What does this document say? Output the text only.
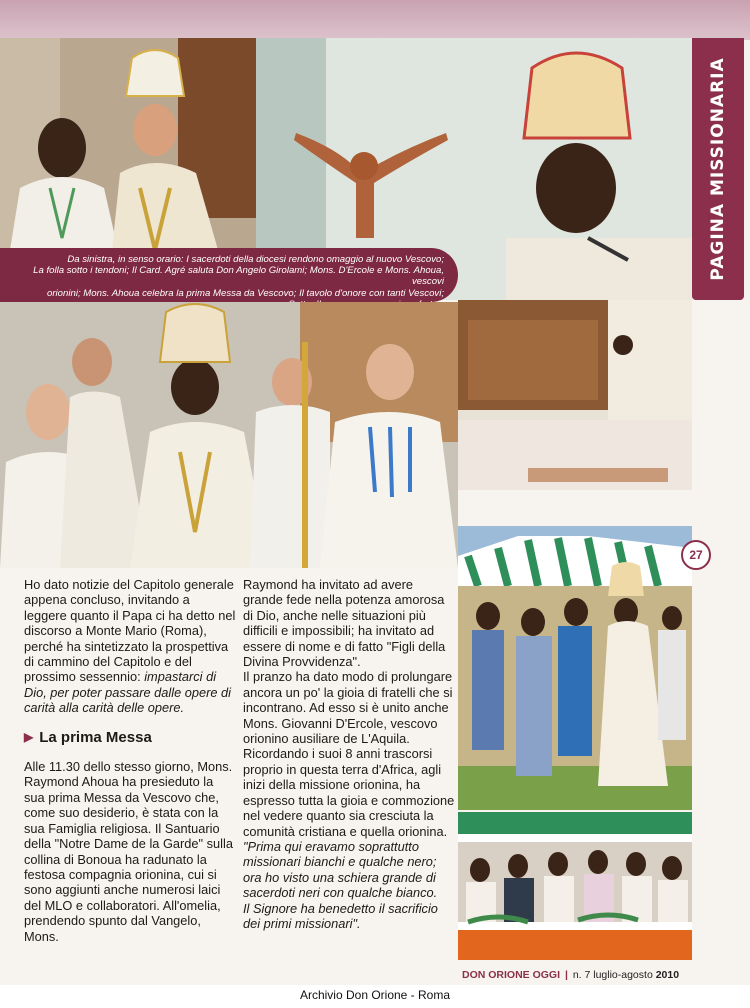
PAGINA MISSIONARIA

Da sinistra, in senso orario: I sacerdoti della diocesi rendono omaggio al nuovo Vescovo;
La folla sotto i tendoni; Il Card. Agré saluta Don Angelo Girolami; Mons. D'Ercole e Mons. Ahoua, vescovi
orionini; Mons. Ahoua celebra la prima Messa da Vescovo; Il tavolo d'onore con tanti Vescovi;

Ho dato notizie del Capitolo generale appena concluso, invitando a leggere quanto il Papa ci ha detto nel discorso a Monte Mario (Roma), perché ha sintetizzato la prospettiva di cammino del Capitolo e del prossimo sessennio: impastarci di Dio, per poter passare dalle opere di carità alla carità delle opere.

▶ La prima Messa

Alle 11.30 dello stesso giorno, Mons. Raymond Ahoua ha presieduto la sua prima Messa da Vescovo che, come suo desiderio, è stata con la sua Famiglia religiosa. Il Santuario della "Notre Dame de la Garde" sulla collina di Bonoua ha radunato la festosa compagnia orionina, cui si sono aggiunti anche numerosi laici del MLO e collaboratori. All'omelia, prendendo spunto dal Vangelo, Mons.

Raymond ha invitato ad avere grande fede nella potenza amorosa di Dio, anche nelle situazioni più difficili e impossibili; ha invitato ad essere di nome e di fatto "Figli della Divina Provvidenza".

Il pranzo ha dato modo di prolungare ancora un po' la gioia di fratelli che si incontrano. Ad esso si è unito anche Mons. Giovanni D'Ercole, vescovo orionino ausiliare de L'Aquila.

Ricordando i suoi 8 anni trascorsi proprio in questa terra d'Africa, agli inizi della missione orionina, ha espresso tutta la gioia e commozione nel vedere quanto sia cresciuta la comunità cristiana e quella orionina.

"Prima qui eravamo soprattutto missionari bianchi e qualche nero; ora ho visto una schiera grande di sacerdoti neri con qualche bianco.

Il Signore ha benedetto il sacrificio dei primi missionari".

27
DON ORIONE OGGI | n. 7 luglio-agosto 2010
Archivio Don Orione - Roma
